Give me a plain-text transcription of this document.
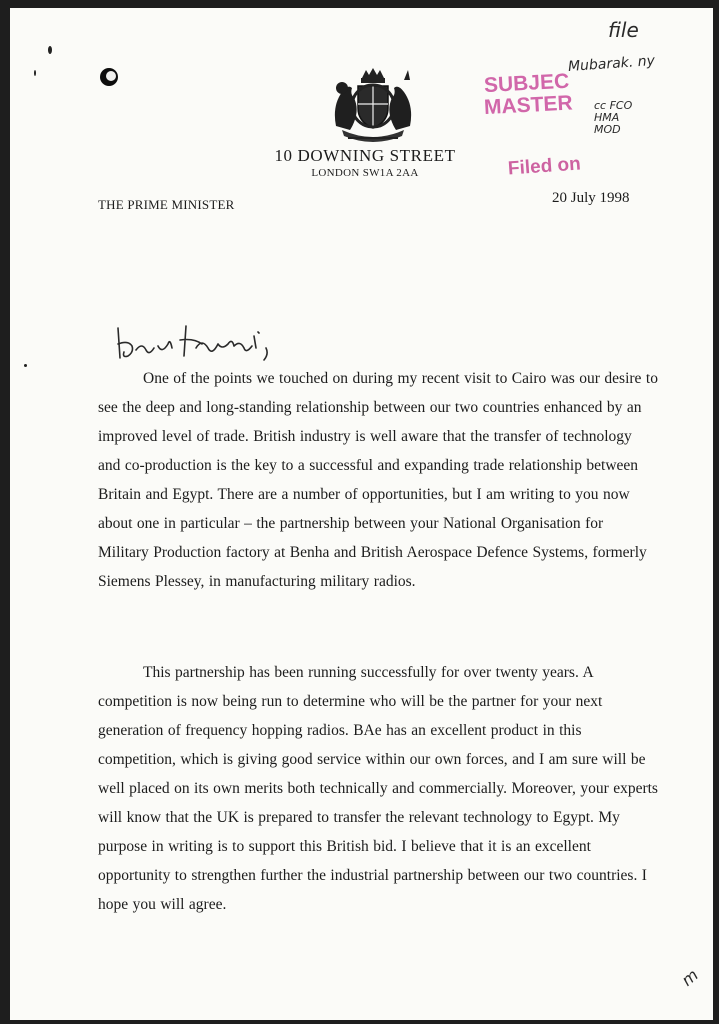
10 DOWNING STREET
LONDON SW1A 2AA
THE PRIME MINISTER	20 July 1998

One of the points we touched on during my recent visit to Cairo was our desire to see the deep and long-standing relationship between our two countries enhanced by an improved level of trade. British industry is well aware that the transfer of technology and co-production is the key to a successful and expanding trade relationship between Britain and Egypt. There are a number of opportunities, but I am writing to you now about one in particular – the partnership between your National Organisation for Military Production factory at Benha and British Aerospace Defence Systems, formerly Siemens Plessey, in manufacturing military radios.

This partnership has been running successfully for over twenty years. A competition is now being run to determine who will be the partner for your next generation of frequency hopping radios. BAe has an excellent product in this competition, which is giving good service within our own forces, and I am sure will be well placed on its own merits both technically and commercially. Moreover, your experts will know that the UK is prepared to transfer the relevant technology to Egypt. My purpose in writing is to support this British bid. I believe that it is an excellent opportunity to strengthen further the industrial partnership between our two countries. I hope you will agree.

SUBJEC
MASTER
Filed on
file
Mubarak. ny
cc FCO
HMA
MOD
m
